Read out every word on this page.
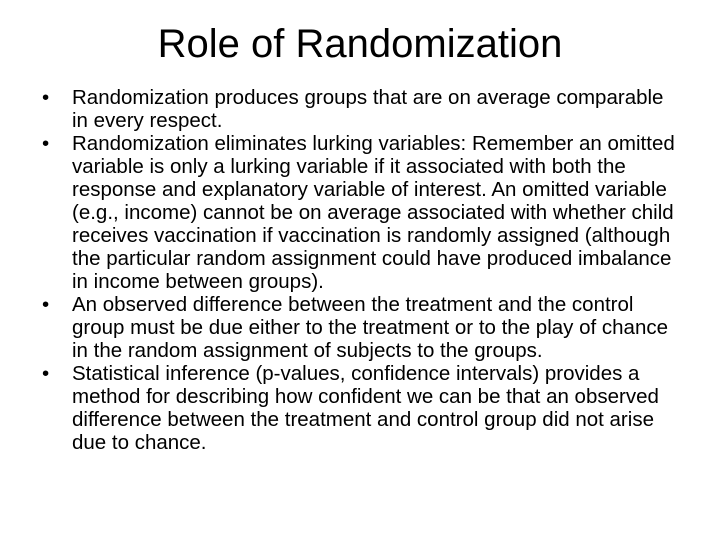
Role of Randomization
•	Randomization produces groups that are on average comparable in every respect.
•	Randomization eliminates lurking variables: Remember an omitted variable is only a lurking variable if it associated with both the response and explanatory variable of interest. An omitted variable (e.g., income) cannot be on average associated with whether child receives vaccination if vaccination is randomly assigned (although the particular random assignment could have produced imbalance in income between groups).
•	An observed difference between the treatment and the control group must be due either to the treatment or to the play of chance in the random assignment of subjects to the groups.
•	Statistical inference (p-values, confidence intervals) provides a method for describing how confident we can be that an observed difference between the treatment and control group did not arise due to chance.
